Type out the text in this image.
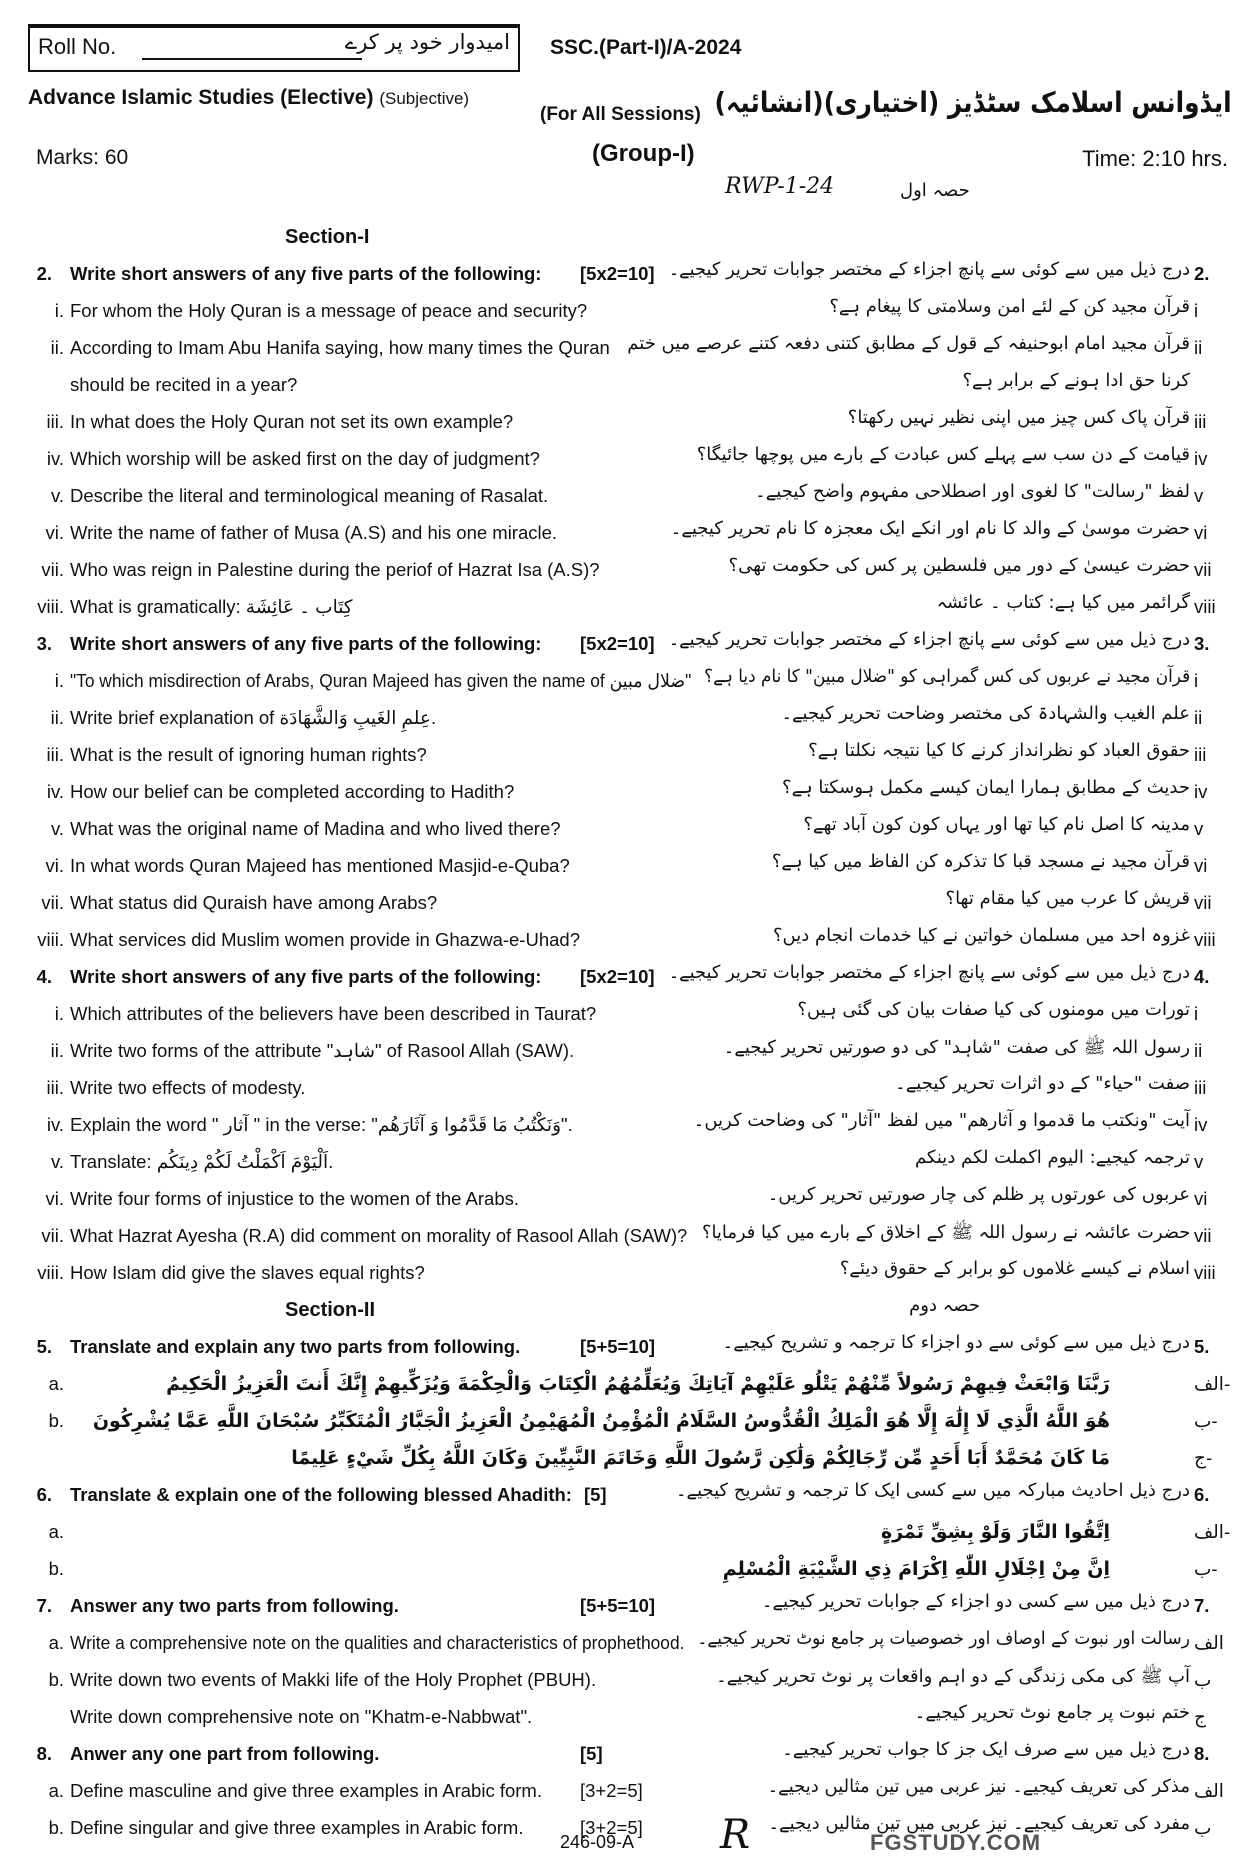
Roll No.	امیدوار خود پر کرے SSC.(Part-I)/A-2024
Advance Islamic Studies (Elective) (Subjective)
(For All Sessions) ایڈوانس اسلامک سٹڈیز (اختیاری)(انشائیہ)
Marks: 60	(Group-I)	Time: 2:10 hrs.
RWP-1-24	حصہ اول
Section-I
2. Write short answers of any five parts of the following: [5x2=10] درج ذیل میں سے کوئی سے پانچ اجزاء کے مختصر جوابات تحریر کیجیے۔ 2.
i. For whom the Holy Quran is a message of peace and security?	قرآن مجید کن کے لئے امن وسلامتی کا پیغام ہے؟ i
ii. According to Imam Abu Hanifa saying, how many times the Quran قرآن مجید امام ابوحنیفہ کے قول کے مطابق کتنی دفعہ کتنے عرصے میں ختم ii
should be recited in a year?	کرنا حق ادا ہونے کے برابر ہے؟
iii. In what does the Holy Quran not set its own example?	قرآن پاک کس چیز میں اپنی نظیر نہیں رکھتا؟ iii
iv. Which worship will be asked first on the day of judgment?	قیامت کے دن سب سے پہلے کس عبادت کے بارے میں پوچھا جائیگا؟ iv
v. Describe the literal and terminological meaning of Rasalat.	لفظ "رسالت" کا لغوی اور اصطلاحی مفہوم واضح کیجیے۔ v
vi. Write the name of father of Musa (A.S) and his one miracle.	حضرت موسیٰ کے والد کا نام اور انکے ایک معجزہ کا نام تحریر کیجیے۔ vi
vii. Who was reign in Palestine during the periof of Hazrat Isa (A.S)?	حضرت عیسیٰ کے دور میں فلسطین پر کس کی حکومت تھی؟ vii
viii. What is gramatically: كِتَاب ۔ عَائِشَة	گرائمر میں کیا ہے: کتاب ۔ عائشہ viii
3. Write short answers of any five parts of the following: [5x2=10] درج ذیل میں سے کوئی سے پانچ اجزاء کے مختصر جوابات تحریر کیجیے۔ 3.
i. "To which misdirection of Arabs, Quran Majeed has given the name of ضلال مبین" قرآن مجید نے عربوں کی کس گمراہی کو "ضلال مبین" کا نام دیا ہے؟ i
ii. Write brief explanation of عِلمِ الغَيبِ وَالشَّهَادَة.	علم الغیب والشہادۃ کی مختصر وضاحت تحریر کیجیے۔ ii
iii. What is the result of ignoring human rights?	حقوق العباد کو نظرانداز کرنے کا کیا نتیجہ نکلتا ہے؟ iii
iv. How our belief can be completed according to Hadith?	حدیث کے مطابق ہمارا ایمان کیسے مکمل ہوسکتا ہے؟ iv
v. What was the original name of Madina and who lived there?	مدینہ کا اصل نام کیا تھا اور یہاں کون کون آباد تھے؟ v
vi. In what words Quran Majeed has mentioned Masjid-e-Quba?	قرآن مجید نے مسجد قبا کا تذکرہ کن الفاظ میں کیا ہے؟ vi
vii. What status did Quraish have among Arabs?	قریش کا عرب میں کیا مقام تھا؟ vii
viii. What services did Muslim women provide in Ghazwa-e-Uhad?	غزوہ احد میں مسلمان خواتین نے کیا خدمات انجام دیں؟ viii
4. Write short answers of any five parts of the following: [5x2=10] درج ذیل میں سے کوئی سے پانچ اجزاء کے مختصر جوابات تحریر کیجیے۔ 4.
i. Which attributes of the believers have been described in Taurat?	تورات میں مومنوں کی کیا صفات بیان کی گئی ہیں؟ i
ii. Write two forms of the attribute "شاہد" of Rasool Allah (SAW).	رسول اللہ ﷺ کی صفت "شاہد" کی دو صورتیں تحریر کیجیے۔ ii
iii. Write two effects of modesty.	صفت "حیاء" کے دو اثرات تحریر کیجیے۔ iii
iv. Explain the word " آثار " in the verse: "وَنَكْتُبُ مَا قَدَّمُوا وَ آثَارَهُم".	آیت "ونکتب ما قدموا و آثارھم" میں لفظ "آثار" کی وضاحت کریں۔ iv
v. Translate: اَلْيَوْمَ اَكْمَلْتُ لَكُمْ دِينَكُم.	ترجمہ کیجیے: الیوم اکملت لکم دینکم v
vi. Write four forms of injustice to the women of the Arabs.	عربوں کی عورتوں پر ظلم کی چار صورتیں تحریر کریں۔ vi
vii. What Hazrat Ayesha (R.A) did comment on morality of Rasool Allah (SAW)? حضرت عائشہ نے رسول اللہ ﷺ کے اخلاق کے بارے میں کیا فرمایا؟ vii
viii. How Islam did give the slaves equal rights?	اسلام نے کیسے غلاموں کو برابر کے حقوق دیئے؟ viii
Section-II	حصہ دوم
5. Translate and explain any two parts from following.	[5+5=10]	درج ذیل میں سے کوئی سے دو اجزاء کا ترجمہ و تشریح کیجیے۔ 5.
a.	رَبَّنَا وَابْعَثْ فِيهِمْ رَسُولاً مِّنْهُمْ يَتْلُو عَلَيْهِمْ آيَاتِكَ وَيُعَلِّمُهُمُ الْكِتَابَ وَالْحِكْمَةَ وَيُزَكِّيهِمْ إِنَّكَ أَنتَ الْعَزِيزُ الْحَكِيمُ	الف-
b. هُوَ اللَّهُ الَّذِي لَا إِلَٰهَ إِلَّا هُوَ الْمَلِكُ الْقُدُّوسُ السَّلَامُ الْمُؤْمِنُ الْمُهَيْمِنُ الْعَزِيزُ الْجَبَّارُ الْمُتَكَبِّرُ سُبْحَانَ اللَّهِ عَمَّا يُشْرِكُونَ	ب-
مَا كَانَ مُحَمَّدٌ أَبَا أَحَدٍ مِّن رِّجَالِكُمْ وَلَٰكِن رَّسُولَ اللَّهِ وَخَاتَمَ النَّبِيِّينَ وَكَانَ اللَّهُ بِكُلِّ شَيْءٍ عَلِيمًا	ج-
6. Translate & explain one of the following blessed Ahadith: [5]	درج ذیل احادیث مبارکہ میں سے کسی ایک کا ترجمہ و تشریح کیجیے۔ 6.
a.	اِتَّقُوا النَّارَ وَلَوْ بِشِقِّ تَمْرَةٍ	الف-
b.	اِنَّ مِنْ اِجْلَالِ اللّٰهِ اِكْرَامَ ذِي الشَّيْبَةِ الْمُسْلِمِ	ب-
7. Answer any two parts from following.	[5+5=10]	درج ذیل میں سے کسی دو اجزاء کے جوابات تحریر کیجیے۔ 7.
a. Write a comprehensive note on the qualities and characteristics of prophethood. رسالت اور نبوت کے اوصاف اور خصوصیات پر جامع نوٹ تحریر کیجیے۔ الف
b. Write down two events of Makki life of the Holy Prophet (PBUH).	آپ ﷺ کی مکی زندگی کے دو اہم واقعات پر نوٹ تحریر کیجیے۔ ب
Write down comprehensive note on "Khatm-e-Nabbwat".	ختم نبوت پر جامع نوٹ تحریر کیجیے۔ ج
8. Anwer any one part from following.	[5]	درج ذیل میں سے صرف ایک جز کا جواب تحریر کیجیے۔ 8.
a. Define masculine and give three examples in Arabic form. [3+2=5]	مذکر کی تعریف کیجیے۔ نیز عربی میں تین مثالیں دیجیے۔ الف
b. Define singular and give three examples in Arabic form.	[3+2=5]	مفرد کی تعریف کیجیے۔ نیز عربی میں تین مثالیں دیجیے۔ ب
246-09-A R	FGSTUDY.COM
